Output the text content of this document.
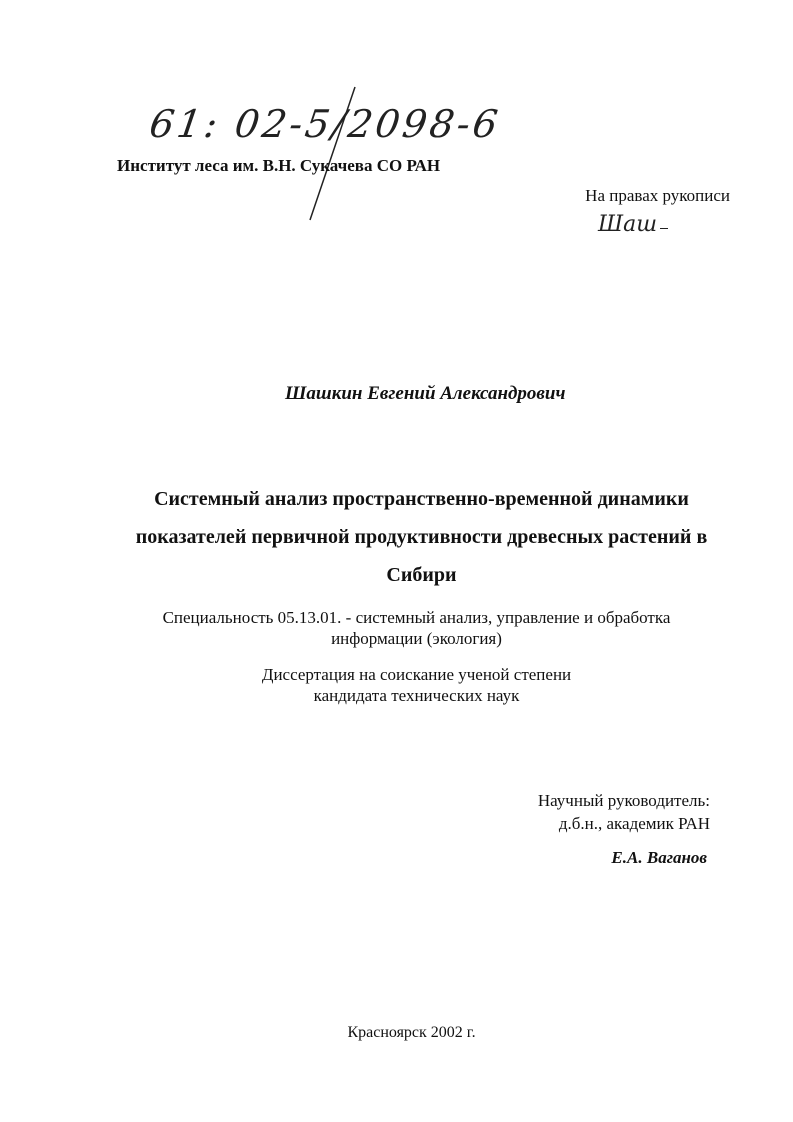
61: 02-5/2098-6
Институт леса им. В.Н. Сукачева СО РАН
На правах рукописи
Шаш
Шашкин Евгений Александрович
Системный анализ пространственно-временной динамики
показателей первичной продуктивности древесных растений в
Сибири
Специальность 05.13.01. - системный анализ, управление и обработка
информации (экология)
Диссертация на соискание ученой степени
кандидата технических наук
Научный руководитель:
д.б.н., академик РАН
Е.А. Ваганов
Красноярск 2002 г.
